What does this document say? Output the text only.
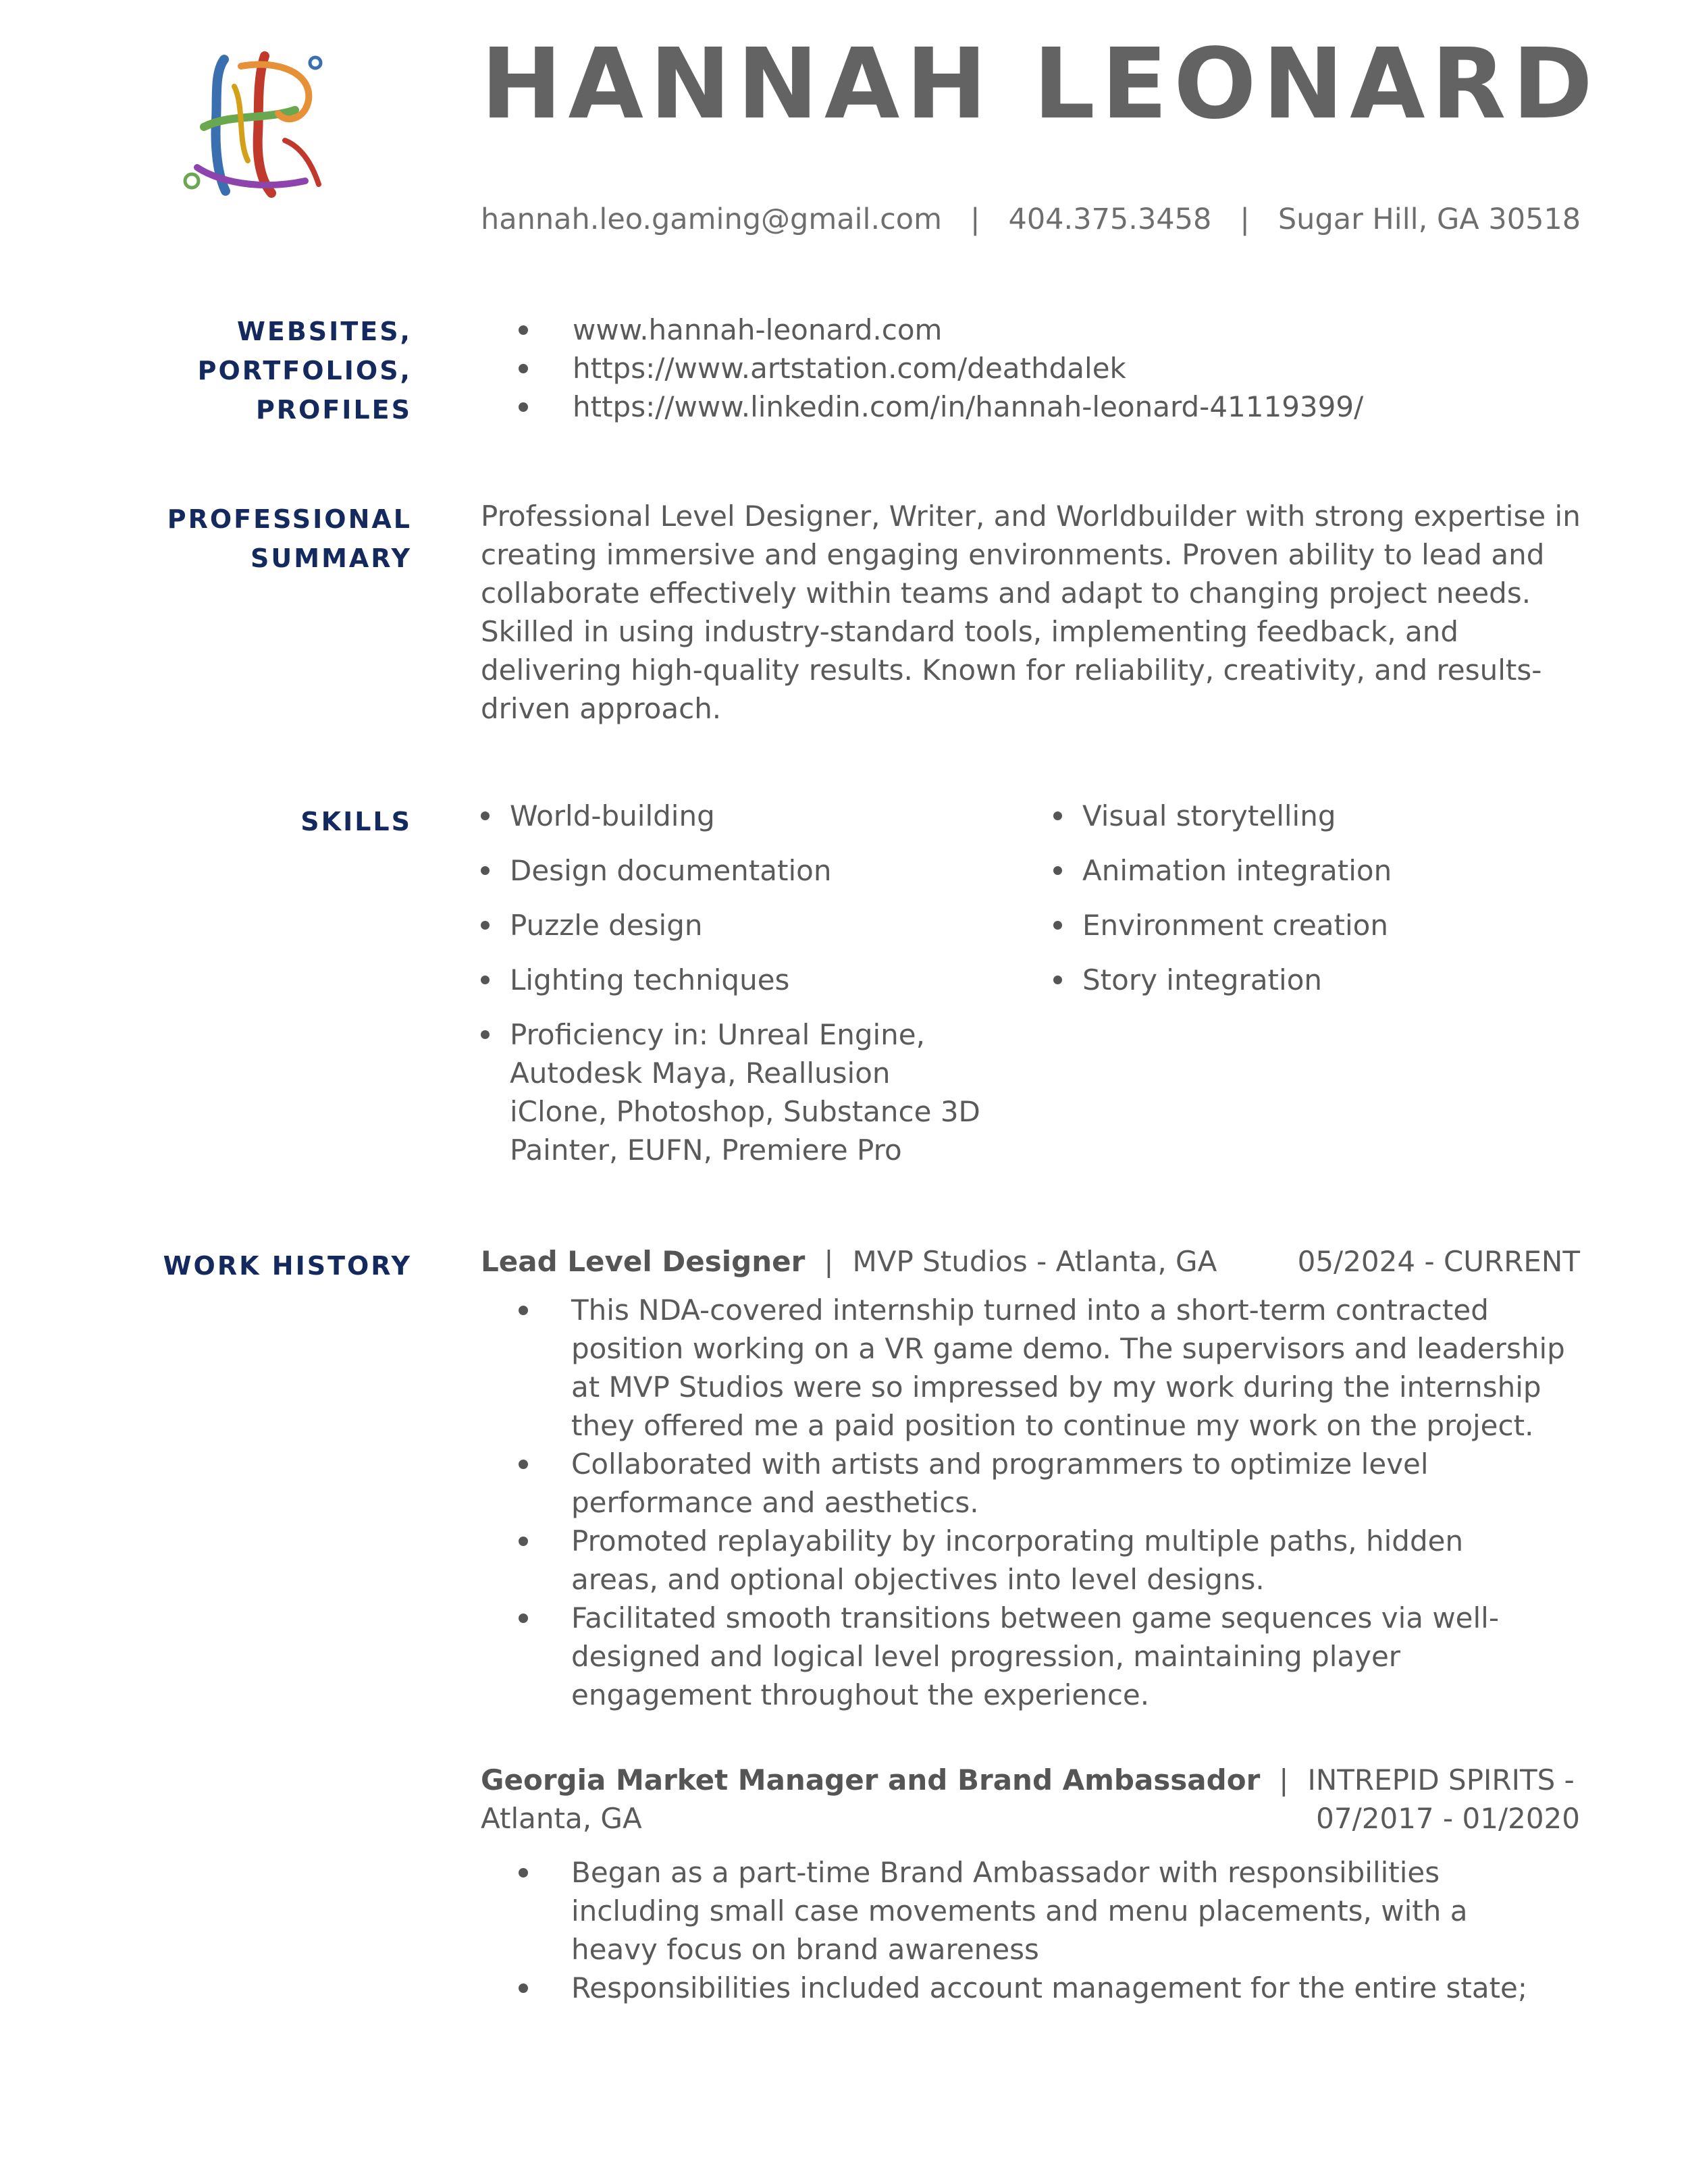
HANNAH LEONARD
hannah.leo.gaming@gmail.com | 404.375.3458 | Sugar Hill, GA 30518
WEBSITES,
PORTFOLIOS,
PROFILES
www.hannah-leonard.com
https://www.artstation.com/deathdalek
https://www.linkedin.com/in/hannah-leonard-41119399/
PROFESSIONAL
SUMMARY
Professional Level Designer, Writer, and Worldbuilder with strong expertise in
creating immersive and engaging environments. Proven ability to lead and
collaborate effectively within teams and adapt to changing project needs.
Skilled in using industry-standard tools, implementing feedback, and
delivering high-quality results. Known for reliability, creativity, and results-
driven approach.
SKILLS	World-building
Design documentation
Puzzle design
Lighting techniques
Proficiency in: Unreal Engine,
Autodesk Maya, Reallusion
iClone, Photoshop, Substance 3D
Painter, EUFN, Premiere Pro
Visual storytelling
Animation integration
Environment creation
Story integration
WORK HISTORY Lead Level Designer | MVP Studios - Atlanta, GA	05/2024 - CURRENT
This NDA-covered internship turned into a short-term contracted
position working on a VR game demo. The supervisors and leadership
at MVP Studios were so impressed by my work during the internship
they offered me a paid position to continue my work on the project.
Collaborated with artists and programmers to optimize level
performance and aesthetics.
Promoted replayability by incorporating multiple paths, hidden
areas, and optional objectives into level designs.
Facilitated smooth transitions between game sequences via well-
designed and logical level progression, maintaining player
engagement throughout the experience.
Georgia Market Manager and Brand Ambassador | INTREPID SPIRITS -
Atlanta, GA	07/2017 - 01/2020
Began as a part-time Brand Ambassador with responsibilities
including small case movements and menu placements, with a
heavy focus on brand awareness
Responsibilities included account management for the entire state;
